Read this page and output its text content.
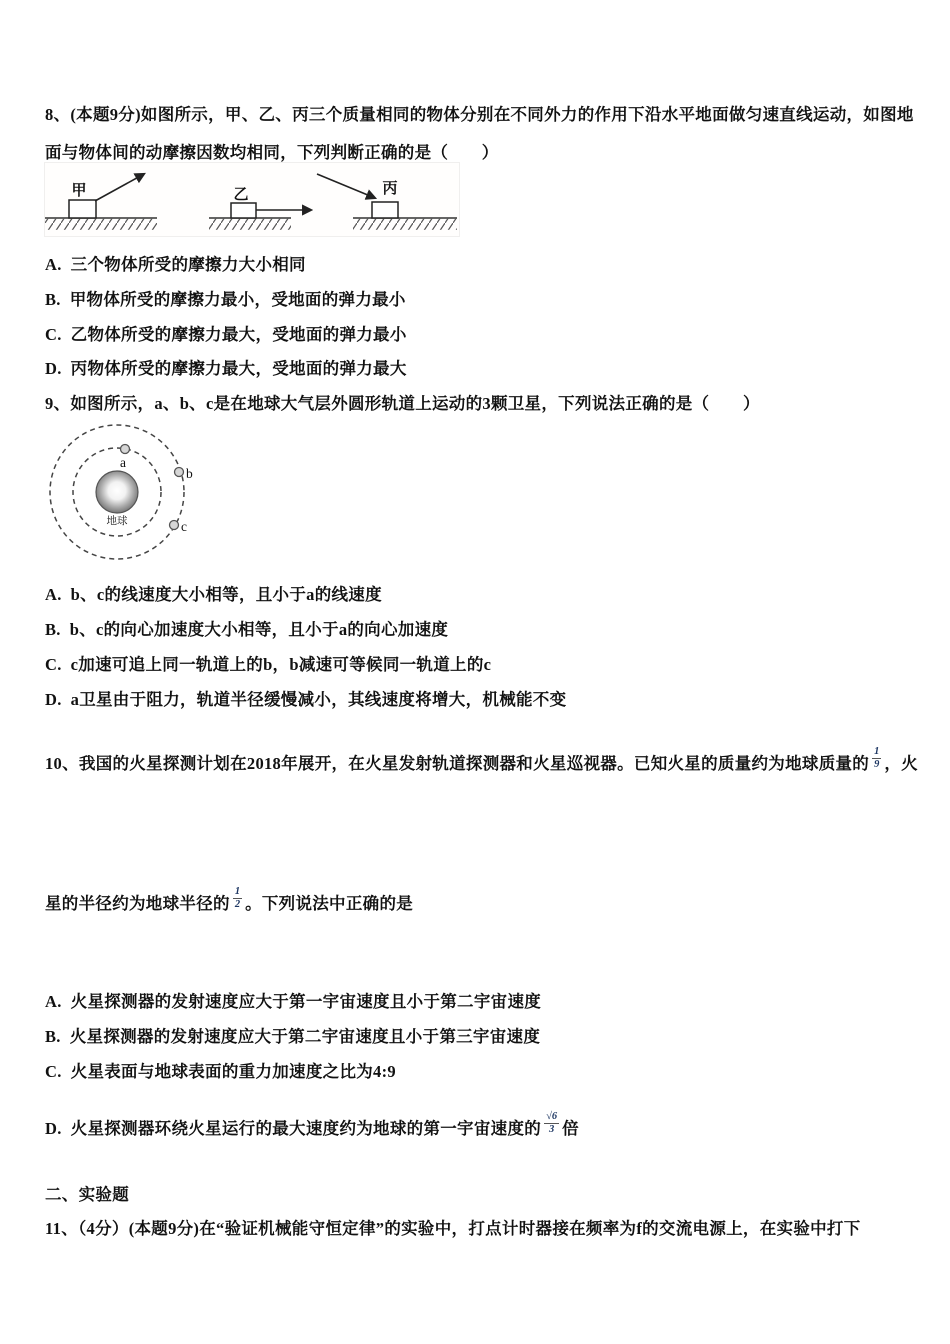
8、(本题9分)如图所示，甲、乙、丙三个质量相同的物体分别在不同外力的作用下沿水平地面做匀速直线运动，如图地
面与物体间的动摩擦因数均相同，下列判断正确的是（　　）
甲	乙	丙
A. 三个物体所受的摩擦力大小相同
B. 甲物体所受的摩擦力最小，受地面的弹力最小
C. 乙物体所受的摩擦力最大，受地面的弹力最小
D. 丙物体所受的摩擦力最大，受地面的弹力最大
9、如图所示，a、b、c是在地球大气层外圆形轨道上运动的3颗卫星，下列说法正确的是（　　）
地球
a
b
c
A. b、c的线速度大小相等，且小于a的线速度
B. b、c的向心加速度大小相等，且小于a的向心加速度
C. c加速可追上同一轨道上的b，b减速可等候同一轨道上的c
D. a卫星由于阻力，轨道半径缓慢减小，其线速度将增大，机械能不变
10、我国的火星探测计划在2018年展开，在火星发射轨道探测器和火星巡视器。已知火星的质量约为地球质量的 $\frac{1}{9}$ ，火
星的半径约为地球半径的 $\frac{1}{2}$ 。下列说法中正确的是
A. 火星探测器的发射速度应大于第一宇宙速度且小于第二宇宙速度
B. 火星探测器的发射速度应大于第二宇宙速度且小于第三宇宙速度
C. 火星表面与地球表面的重力加速度之比为4:9
D. 火星探测器环绕火星运行的最大速度约为地球的第一宇宙速度的 $\frac{√6}{3}$ 倍
二、实验题
11、（4分）(本题9分)在“验证机械能守恒定律”的实验中，打点计时器接在频率为f的交流电源上，在实验中打下
